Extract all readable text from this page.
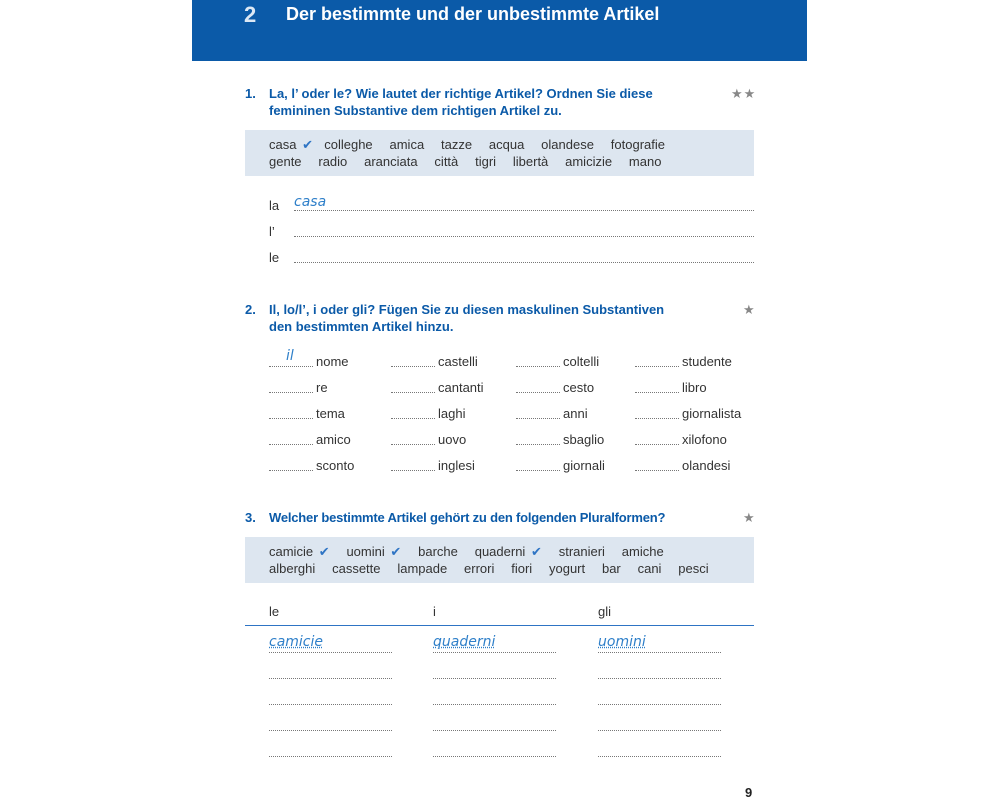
2 Der bestimmte und der unbestimmte Artikel
1. La, l’ oder le? Wie lautet der richtige Artikel? Ordnen Sie diese
femininen Substantive dem richtigen Artikel zu.
★★
casa ✔ colleghe   amica   tazze   acqua   olandese   fotografie
gente   radio   aranciata   città   tigri   libertà   amicizie   mano
la casa
l’
le
2. Il, lo/l’, i oder gli? Fügen Sie zu diesen maskulinen Substantiven
den bestimmten Artikel hinzu.
★
nome	castelli	coltelli	studente
re	cantanti	cesto	libro
tema	laghi	anni	giornalista
amico	uovo	sbaglio	xilofono
sconto	inglesi	giornali	olandesi
il
3. Welcher bestimmte Artikel gehört zu den folgenden Pluralformen?	★
camicie ✔ uomini ✔ barche quaderni ✔ stranieri amiche
alberghi   cassette   lampade   errori   fiori   yogurt   bar   cani   pesci
le	i	gli
camicie	quaderni	uomini
9
